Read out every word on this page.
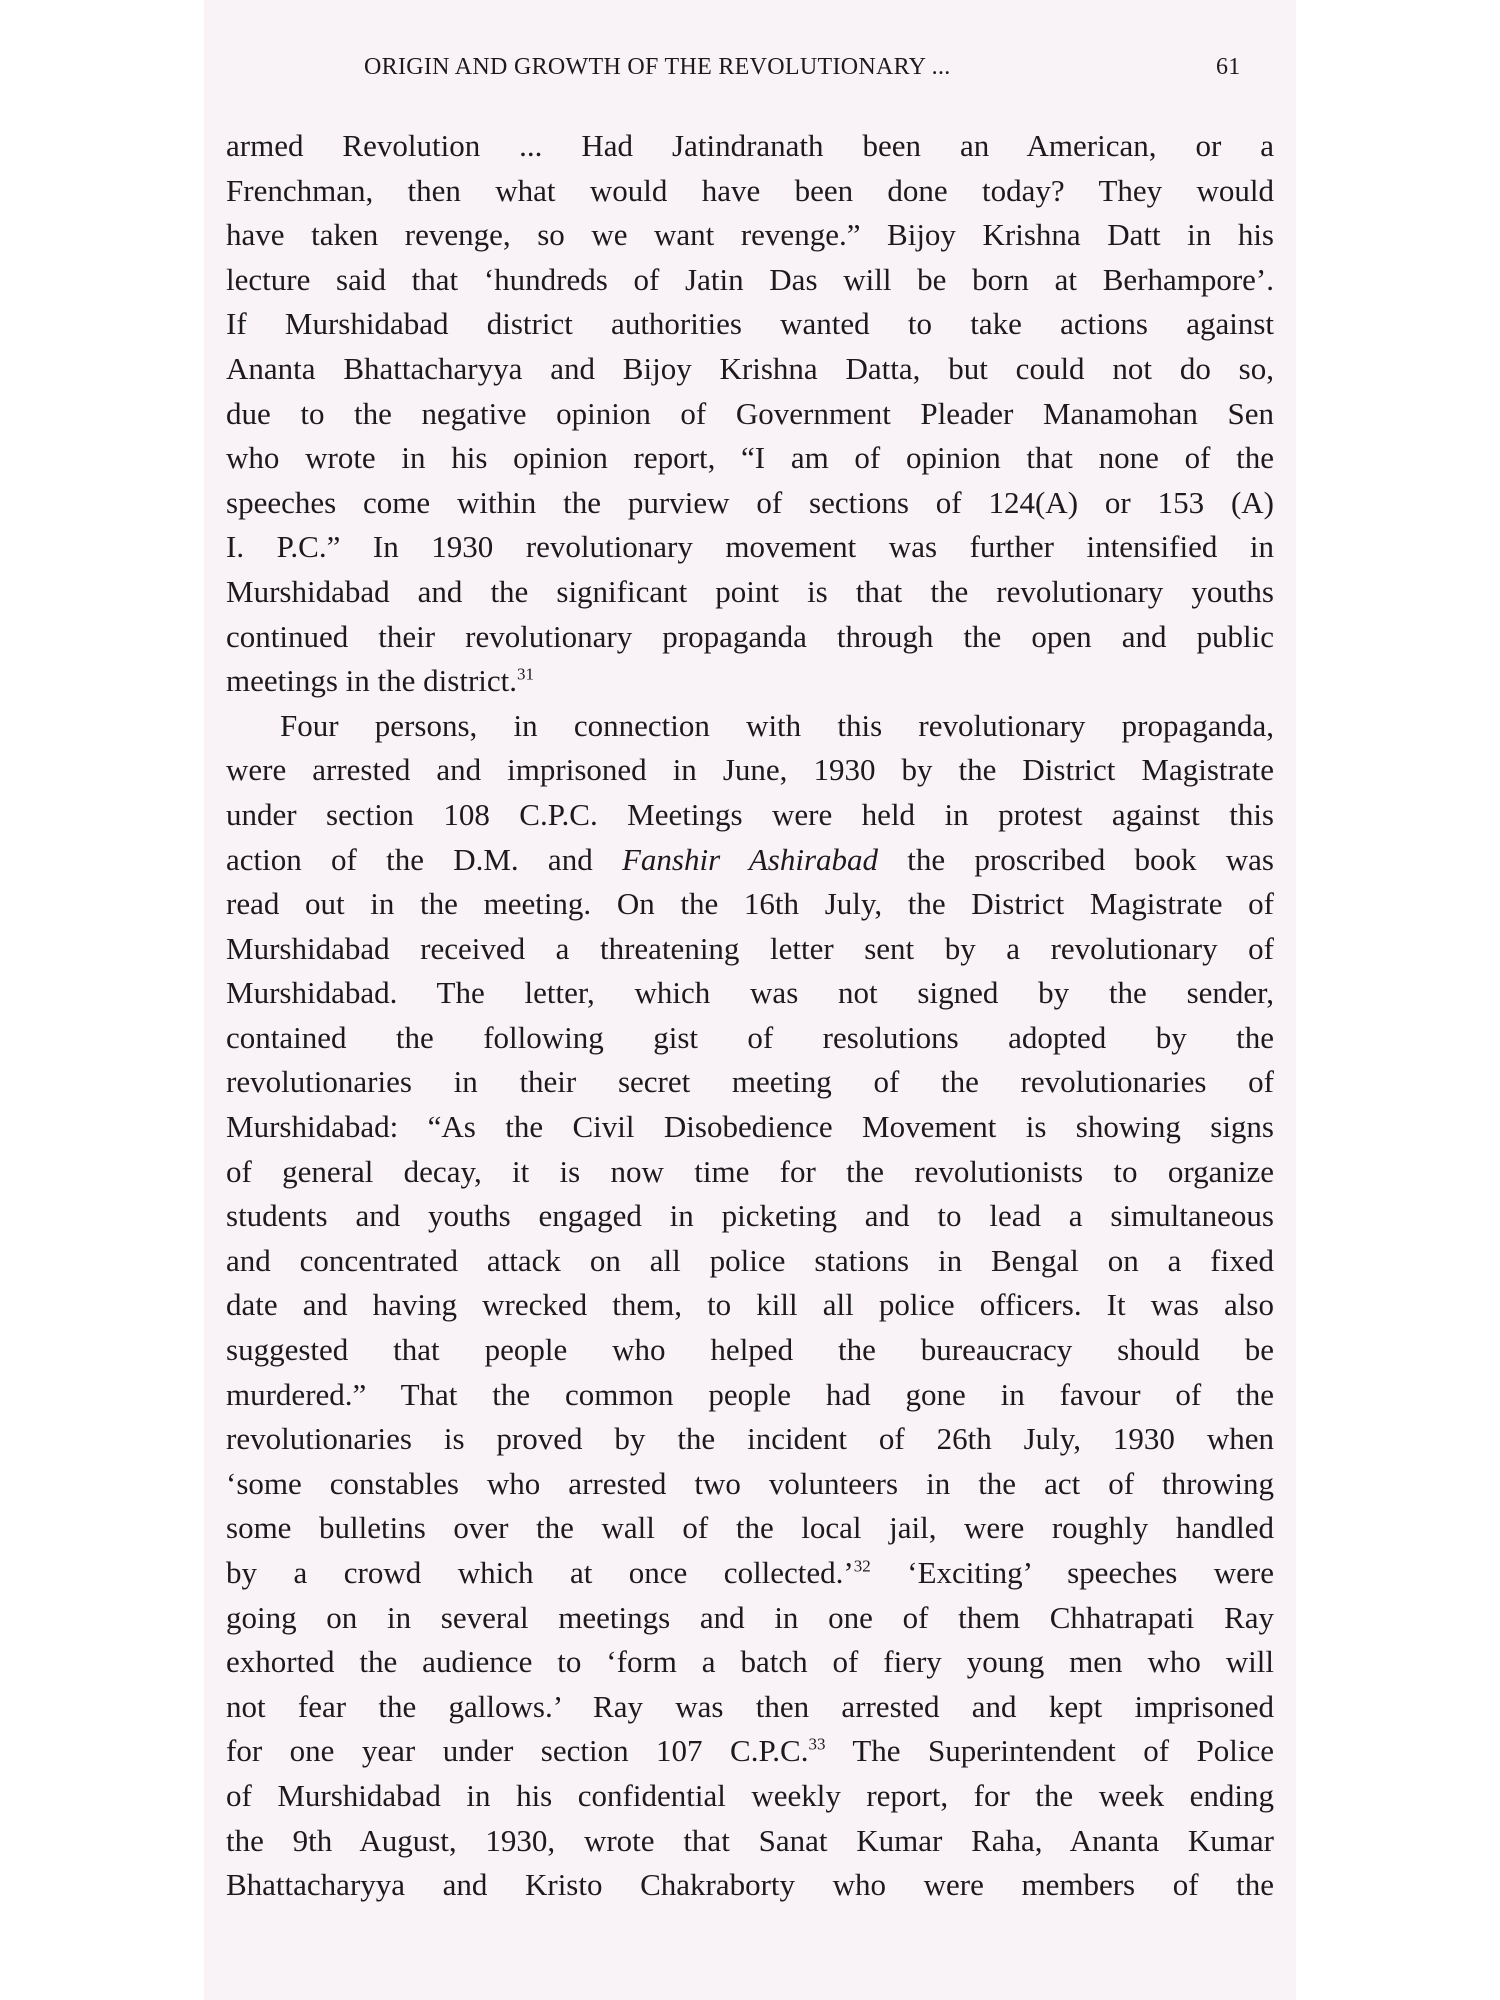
ORIGIN AND GROWTH OF THE REVOLUTIONARY ...	61
armed Revolution ... Had Jatindranath been an American, or a
Frenchman, then what would have been done today? They would
have taken revenge, so we want revenge.” Bijoy Krishna Datt in his
lecture said that ‘hundreds of Jatin Das will be born at Berhampore’.
If Murshidabad district authorities wanted to take actions against
Ananta Bhattacharyya and Bijoy Krishna Datta, but could not do so,
due to the negative opinion of Government Pleader Manamohan Sen
who wrote in his opinion report, “I am of opinion that none of the
speeches come within the purview of sections of 124(A) or 153 (A)
I. P.C.” In 1930 revolutionary movement was further intensified in
Murshidabad and the significant point is that the revolutionary youths
continued their revolutionary propaganda through the open and public
meetings in the district.$^{31}$
Four persons, in connection with this revolutionary propaganda,
were arrested and imprisoned in June, 1930 by the District Magistrate
under section 108 C.P.C. Meetings were held in protest against this
action of the D.M. and Fanshir Ashirabad the proscribed book was
read out in the meeting. On the 16th July, the District Magistrate of
Murshidabad received a threatening letter sent by a revolutionary of
Murshidabad. The letter, which was not signed by the sender,
contained the following gist of resolutions adopted by the
revolutionaries in their secret meeting of the revolutionaries of
Murshidabad: “As the Civil Disobedience Movement is showing signs
of general decay, it is now time for the revolutionists to organize
students and youths engaged in picketing and to lead a simultaneous
and concentrated attack on all police stations in Bengal on a fixed
date and having wrecked them, to kill all police officers. It was also
suggested that people who helped the bureaucracy should be
murdered.” That the common people had gone in favour of the
revolutionaries is proved by the incident of 26th July, 1930 when
‘some constables who arrested two volunteers in the act of throwing
some bulletins over the wall of the local jail, were roughly handled
by a crowd which at once collected.’$^{32}$ ‘Exciting’ speeches were
going on in several meetings and in one of them Chhatrapati Ray
exhorted the audience to ‘form a batch of fiery young men who will
not fear the gallows.’ Ray was then arrested and kept imprisoned
for one year under section 107 C.P.C.$^{33}$ The Superintendent of Police
of Murshidabad in his confidential weekly report, for the week ending
the 9th August, 1930, wrote that Sanat Kumar Raha, Ananta Kumar
Bhattacharyya and Kristo Chakraborty who were members of the
